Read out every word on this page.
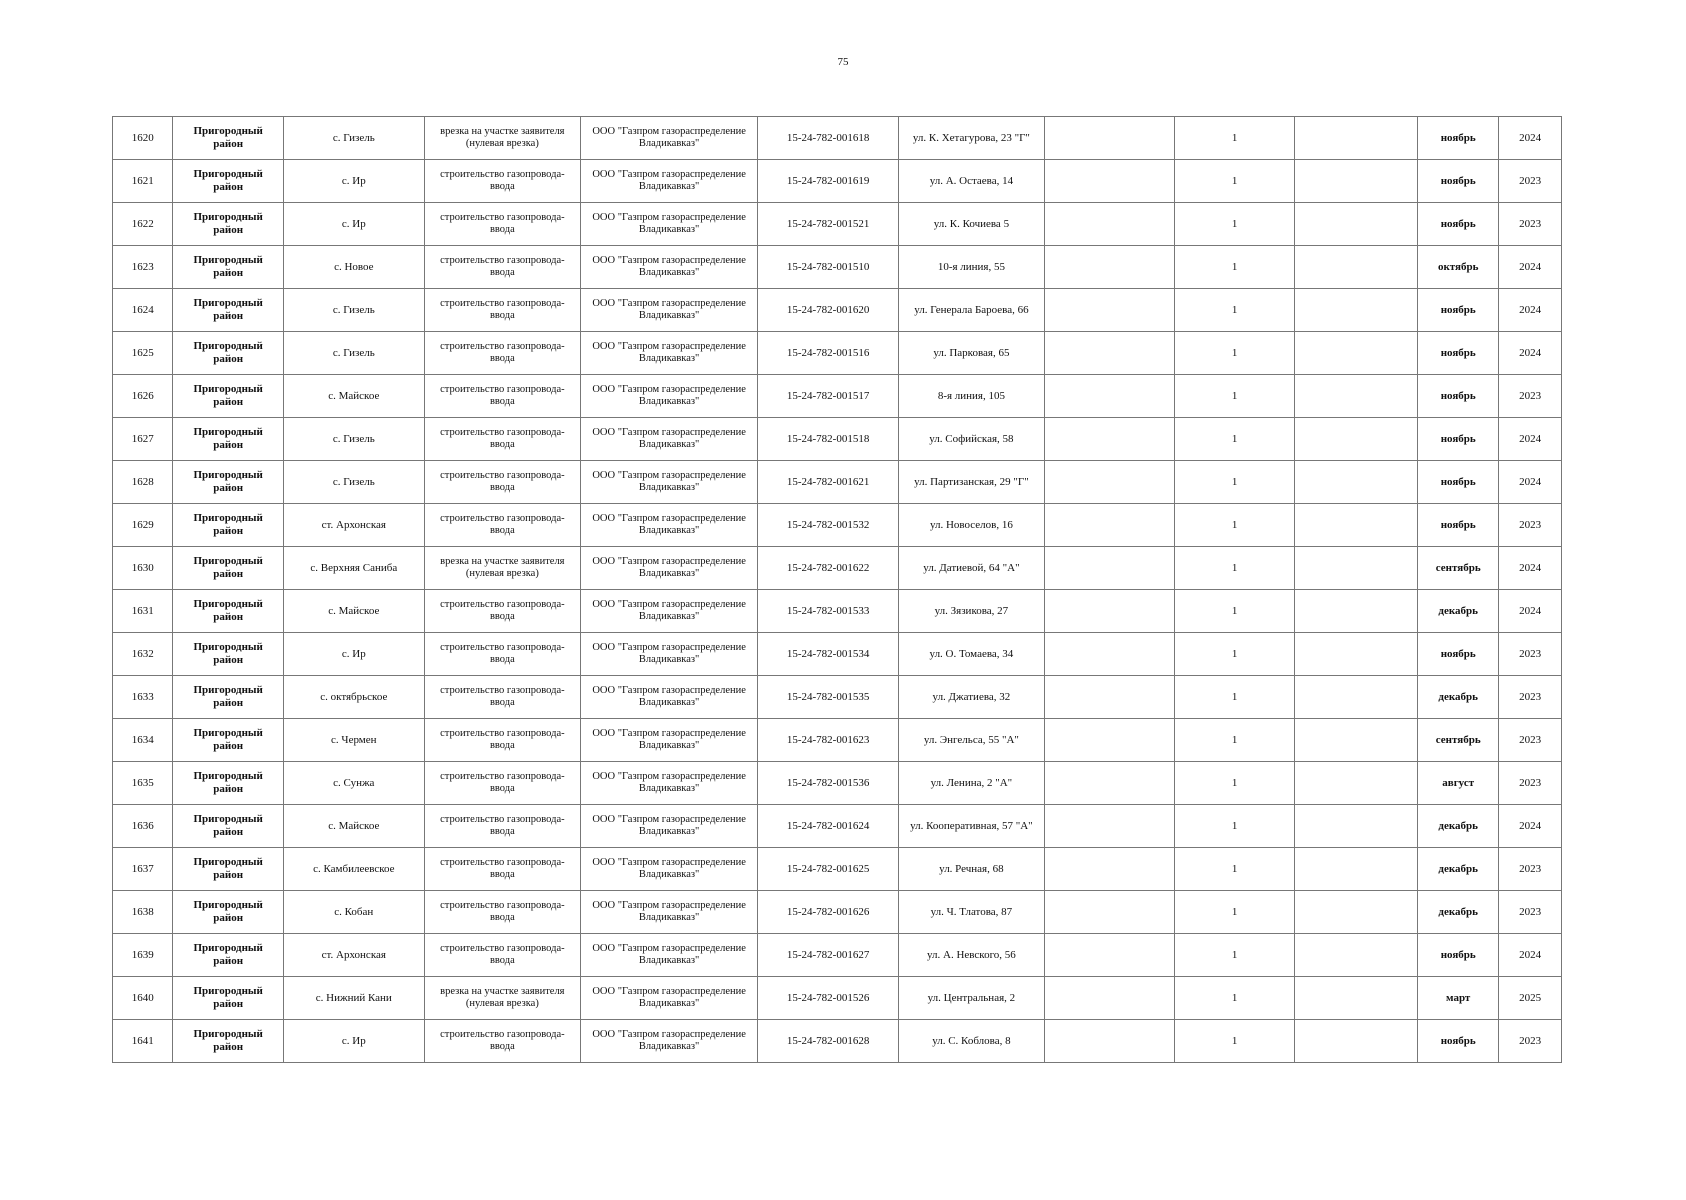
75
1620	Пригородный район	с. Гизель	врезка на участке заявителя (нулевая врезка)	ООО "Газпром газораспределение Владикавказ"	15-24-782-001618	ул. К. Хетагурова, 23 "Г"		1		ноябрь	2024
1621	Пригородный район	с. Ир	строительство газопровода-ввода	ООО "Газпром газораспределение Владикавказ"	15-24-782-001619	ул. А. Остаева, 14		1		ноябрь	2023
1622	Пригородный район	с. Ир	строительство газопровода-ввода	ООО "Газпром газораспределение Владикавказ"	15-24-782-001521	ул. К. Кочиева 5		1		ноябрь	2023
1623	Пригородный район	с. Новое	строительство газопровода-ввода	ООО "Газпром газораспределение Владикавказ"	15-24-782-001510	10-я линия, 55		1		октябрь	2024
1624	Пригородный район	с. Гизель	строительство газопровода-ввода	ООО "Газпром газораспределение Владикавказ"	15-24-782-001620	ул. Генерала Бароева, 66		1		ноябрь	2024
1625	Пригородный район	с. Гизель	строительство газопровода-ввода	ООО "Газпром газораспределение Владикавказ"	15-24-782-001516	ул. Парковая, 65		1		ноябрь	2024
1626	Пригородный район	с. Майское	строительство газопровода-ввода	ООО "Газпром газораспределение Владикавказ"	15-24-782-001517	8-я линия, 105		1		ноябрь	2023
1627	Пригородный район	с. Гизель	строительство газопровода-ввода	ООО "Газпром газораспределение Владикавказ"	15-24-782-001518	ул. Софийская, 58		1		ноябрь	2024
1628	Пригородный район	с. Гизель	строительство газопровода-ввода	ООО "Газпром газораспределение Владикавказ"	15-24-782-001621	ул. Партизанская, 29 "Г"		1		ноябрь	2024
1629	Пригородный район	ст. Архонская	строительство газопровода-ввода	ООО "Газпром газораспределение Владикавказ"	15-24-782-001532	ул. Новоселов, 16		1		ноябрь	2023
1630	Пригородный район	с. Верхняя Саниба	врезка на участке заявителя (нулевая врезка)	ООО "Газпром газораспределение Владикавказ"	15-24-782-001622	ул. Датиевой, 64 "А"		1		сентябрь	2024
1631	Пригородный район	с. Майское	строительство газопровода-ввода	ООО "Газпром газораспределение Владикавказ"	15-24-782-001533	ул. Зязикова, 27		1		декабрь	2024
1632	Пригородный район	с. Ир	строительство газопровода-ввода	ООО "Газпром газораспределение Владикавказ"	15-24-782-001534	ул. О. Томаева, 34		1		ноябрь	2023
1633	Пригородный район	с. октябрьское	строительство газопровода-ввода	ООО "Газпром газораспределение Владикавказ"	15-24-782-001535	ул. Джатиева, 32		1		декабрь	2023
1634	Пригородный район	с. Чермен	строительство газопровода-ввода	ООО "Газпром газораспределение Владикавказ"	15-24-782-001623	ул. Энгельса, 55 "А"		1		сентябрь	2023
1635	Пригородный район	с. Сунжа	строительство газопровода-ввода	ООО "Газпром газораспределение Владикавказ"	15-24-782-001536	ул. Ленина, 2 "А"		1		август	2023
1636	Пригородный район	с. Майское	строительство газопровода-ввода	ООО "Газпром газораспределение Владикавказ"	15-24-782-001624	ул. Кооперативная, 57 "А"		1		декабрь	2024
1637	Пригородный район	с. Камбилеевское	строительство газопровода-ввода	ООО "Газпром газораспределение Владикавказ"	15-24-782-001625	ул. Речная, 68		1		декабрь	2023
1638	Пригородный район	с. Кобан	строительство газопровода-ввода	ООО "Газпром газораспределение Владикавказ"	15-24-782-001626	ул. Ч. Тлатова, 87		1		декабрь	2023
1639	Пригородный район	ст. Архонская	строительство газопровода-ввода	ООО "Газпром газораспределение Владикавказ"	15-24-782-001627	ул. А. Невского, 56		1		ноябрь	2024
1640	Пригородный район	с. Нижний Кани	врезка на участке заявителя (нулевая врезка)	ООО "Газпром газораспределение Владикавказ"	15-24-782-001526	ул. Центральная, 2		1		март	2025
1641	Пригородный район	с. Ир	строительство газопровода-ввода	ООО "Газпром газораспределение Владикавказ"	15-24-782-001628	ул. С. Коблова, 8		1		ноябрь	2023
